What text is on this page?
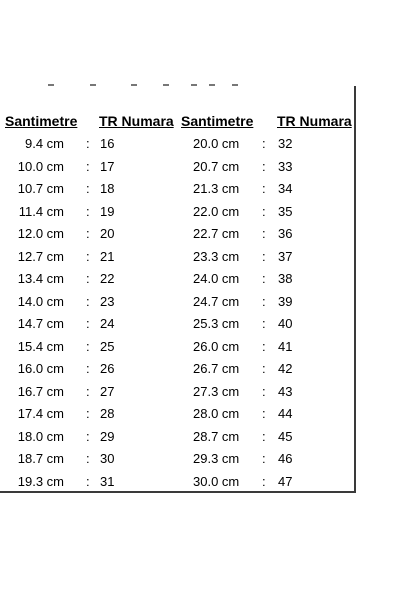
Santimetre TR Numara Santimetre TR Numara
9.4 cm : 16	20.0 cm : 32
10.0 cm : 17	20.7 cm : 33
10.7 cm : 18	21.3 cm : 34
11.4 cm : 19	22.0 cm : 35
12.0 cm : 20	22.7 cm : 36
12.7 cm : 21	23.3 cm : 37
13.4 cm : 22	24.0 cm : 38
14.0 cm : 23	24.7 cm : 39
14.7 cm : 24	25.3 cm : 40
15.4 cm : 25	26.0 cm : 41
16.0 cm : 26	26.7 cm : 42
16.7 cm : 27	27.3 cm : 43
17.4 cm : 28	28.0 cm : 44
18.0 cm : 29	28.7 cm : 45
18.7 cm : 30	29.3 cm : 46
19.3 cm : 31	30.0 cm : 47
